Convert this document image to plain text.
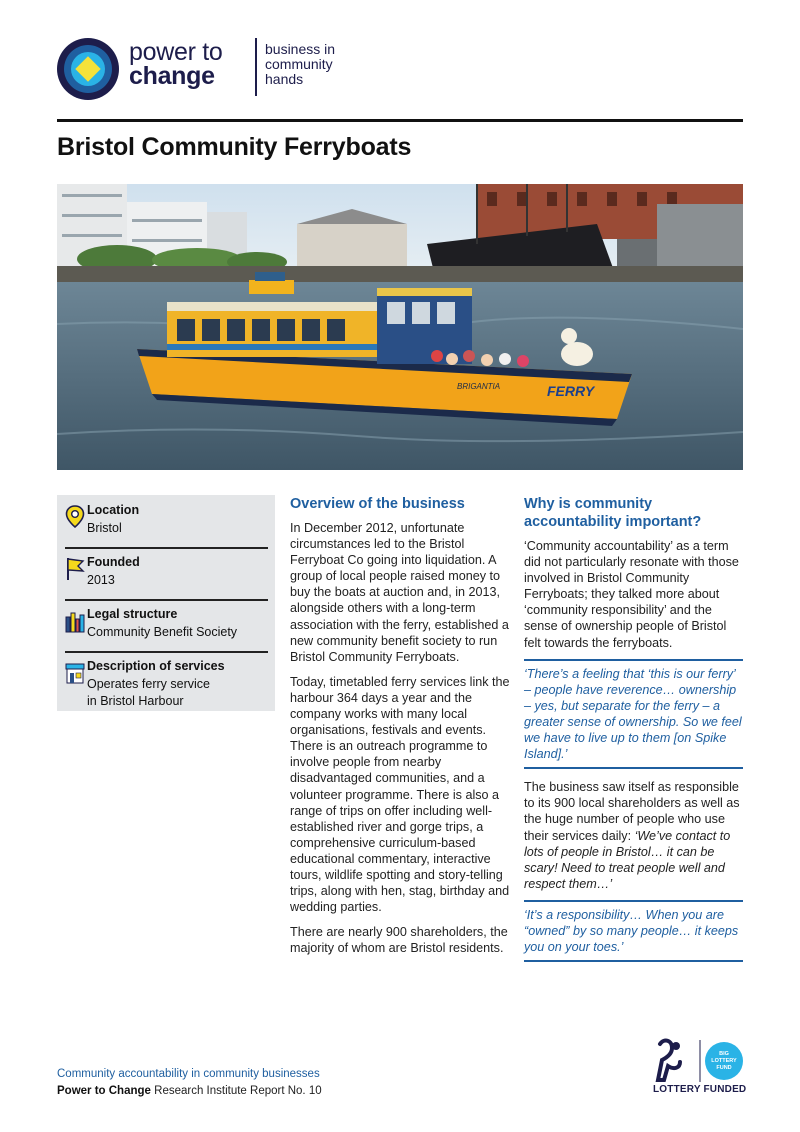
power to
change
business in
community
hands
Bristol Community Ferryboats
BRIGANTIA	FERRY
Location
Bristol
Founded
2013
Legal structure
Community Benefit Society
Description of services
Operates ferry service
in Bristol Harbour
Overview of the business

In December 2012, unfortunate circumstances led to the Bristol Ferryboat Co going into liquidation. A group of local people raised money to buy the boats at auction and, in 2013, alongside others with a long-term association with the ferry, established a new community benefit society to run Bristol Community Ferryboats.

Today, timetabled ferry services link the harbour 364 days a year and the company works with many local organisations, festivals and events. There is an outreach programme to involve people from nearby disadvantaged communities, and a volunteer programme. There is also a range of trips on offer including well-established river and gorge trips, a comprehensive curriculum-based educational commentary, interactive tours, wildlife spotting and story-telling trips, along with hen, stag, birthday and wedding parties.

There are nearly 900 shareholders, the majority of whom are Bristol residents.

Why is community accountability important?

‘Community accountability’ as a term did not particularly resonate with those involved in Bristol Community Ferryboats; they talked more about ‘community responsibility’ and the sense of ownership people of Bristol felt towards the ferryboats.

‘There’s a feeling that ‘this is our ferry’ – people have reverence… ownership – yes, but separate for the ferry – a greater sense of ownership. So we feel we have to live up to them [on Spike Island].’

The business saw itself as responsible to its 900 local shareholders as well as the huge number of people who use their services daily: ‘We’ve contact to lots of people in Bristol… it can be scary! Need to treat people well and respect them…’

‘It’s a responsibility… When you are “owned” by so many people… it keeps you on your toes.’
Community accountability in community businesses
Power to Change Research Institute Report No. 10
BIG
LOTTERY
FUND
LOTTERY FUNDED
